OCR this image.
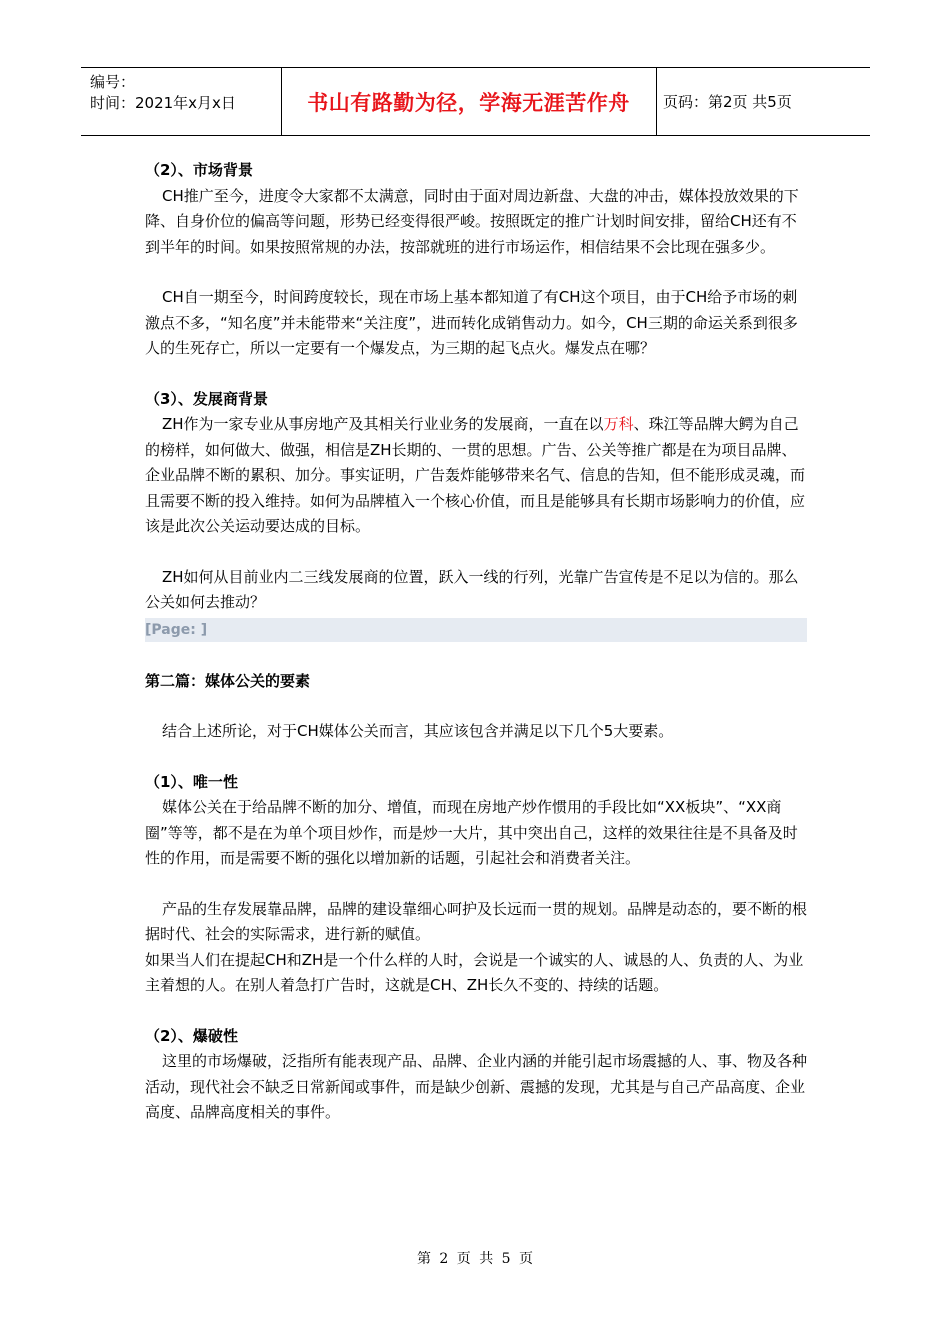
编号：
时间：2021年x月x日	书山有路勤为径，学海无涯苦作舟	页码：第2页 共5页

（2）、市场背景

CH推广至今，进度令大家都不太满意，同时由于面对周边新盘、大盘的冲击，媒体投放效果的下降、自身价位的偏高等问题，形势已经变得很严峻。按照既定的推广计划时间安排，留给CH还有不到半年的时间。如果按照常规的办法，按部就班的进行市场运作，相信结果不会比现在强多少。

CH自一期至今，时间跨度较长，现在市场上基本都知道了有CH这个项目，由于CH给予市场的刺激点不多，“知名度”并未能带来“关注度”，进而转化成销售动力。如今，CH三期的命运关系到很多人的生死存亡，所以一定要有一个爆发点，为三期的起飞点火。爆发点在哪？

（3）、发展商背景

ZH作为一家专业从事房地产及其相关行业业务的发展商，一直在以万科、珠江等品牌大鳄为自己的榜样，如何做大、做强，相信是ZH长期的、一贯的思想。广告、公关等推广都是在为项目品牌、企业品牌不断的累积、加分。事实证明，广告轰炸能够带来名气、信息的告知，但不能形成灵魂，而且需要不断的投入维持。如何为品牌植入一个核心价值，而且是能够具有长期市场影响力的价值，应该是此次公关运动要达成的目标。

ZH如何从目前业内二三线发展商的位置，跃入一线的行列，光靠广告宣传是不足以为信的。那么公关如何去推动？

[Page: ]

第二篇：媒体公关的要素

结合上述所论，对于CH媒体公关而言，其应该包含并满足以下几个5大要素。

（1）、唯一性

媒体公关在于给品牌不断的加分、增值，而现在房地产炒作惯用的手段比如“XX板块”、“XX商圈”等等，都不是在为单个项目炒作，而是炒一大片，其中突出自己，这样的效果往往是不具备及时性的作用，而是需要不断的强化以增加新的话题，引起社会和消费者关注。

产品的生存发展靠品牌，品牌的建设靠细心呵护及长远而一贯的规划。品牌是动态的，要不断的根据时代、社会的实际需求，进行新的赋值。

如果当人们在提起CH和ZH是一个什么样的人时，会说是一个诚实的人、诚恳的人、负责的人、为业主着想的人。在别人着急打广告时，这就是CH、ZH长久不变的、持续的话题。

（2）、爆破性

这里的市场爆破，泛指所有能表现产品、品牌、企业内涵的并能引起市场震撼的人、事、物及各种活动，现代社会不缺乏日常新闻或事件，而是缺少创新、震撼的发现，尤其是与自己产品高度、企业高度、品牌高度相关的事件。

第 2 页 共 5 页
